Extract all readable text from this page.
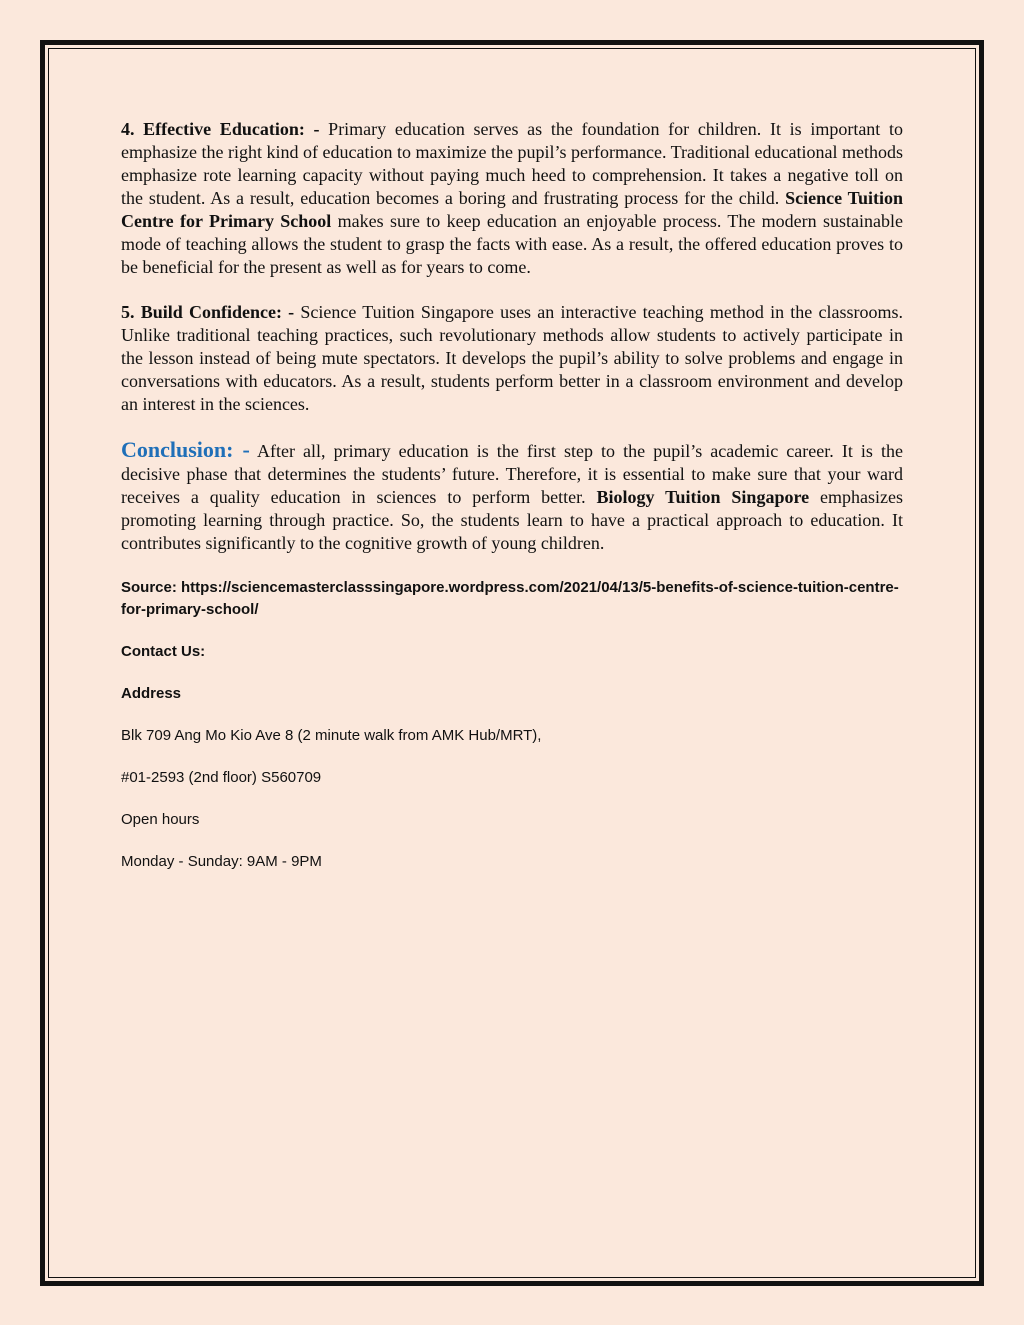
4. Effective Education: - Primary education serves as the foundation for children. It is important to emphasize the right kind of education to maximize the pupil’s performance. Traditional educational methods emphasize rote learning capacity without paying much heed to comprehension. It takes a negative toll on the student. As a result, education becomes a boring and frustrating process for the child. Science Tuition Centre for Primary School makes sure to keep education an enjoyable process. The modern sustainable mode of teaching allows the student to grasp the facts with ease. As a result, the offered education proves to be beneficial for the present as well as for years to come.

5. Build Confidence: - Science Tuition Singapore uses an interactive teaching method in the classrooms. Unlike traditional teaching practices, such revolutionary methods allow students to actively participate in the lesson instead of being mute spectators. It develops the pupil’s ability to solve problems and engage in conversations with educators. As a result, students perform better in a classroom environment and develop an interest in the sciences.

Conclusion: - After all, primary education is the first step to the pupil’s academic career. It is the decisive phase that determines the students’ future. Therefore, it is essential to make sure that your ward receives a quality education in sciences to perform better. Biology Tuition Singapore emphasizes promoting learning through practice. So, the students learn to have a practical approach to education. It contributes significantly to the cognitive growth of young children.

Source: https://sciencemasterclasssingapore.wordpress.com/2021/04/13/5-benefits-of-science-tuition-centre-for-primary-school/

Contact Us:

Address

Blk 709 Ang Mo Kio Ave 8 (2 minute walk from AMK Hub/MRT),

#01-2593 (2nd floor) S560709

Open hours

Monday - Sunday: 9AM - 9PM
